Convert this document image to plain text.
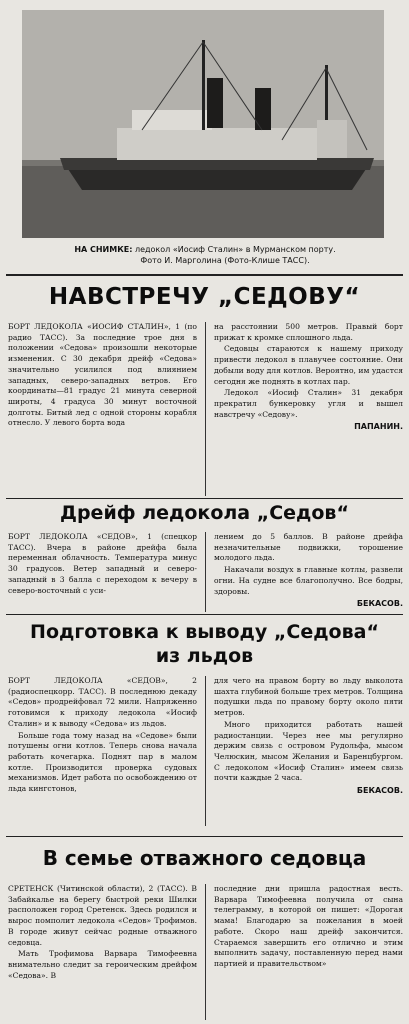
НА СНИМКЕ: ледокол «Иосиф Сталин» в Мурманском порту.
Фото И. Марголина (Фото-Клише ТАСС).
НАВСТРЕЧУ „СЕДОВУ“

БОРТ ЛЕДОКОЛА «ИОСИФ СТАЛИН», 1 (по радио ТАСС). За последние трое дня в положении «Седова» произошли некоторые изменения. С 30 декабря дрейф «Седова» значительно усилился под влиянием западных, северо-западных ветров. Его координаты—81 градус 21 минута северной широты, 4 градуса 30 минут восточной долготы. Битый лед с одной стороны корабля отнесло. У левого борта вода

на расстоянии 500 метров. Правый борт прижат к кромке сплошного льда.

Седовцы стараются к нашему приходу привести ледокол в плавучее состояние. Они добыли воду для котлов. Вероятно, им удастся сегодня же поднять в котлах пар.

Ледокол «Иосиф Сталин» 31 декабря прекратил бункеровку угля и вышел навстречу «Седову».

ПАПАНИН.
Дрейф ледокола „Седов“

БОРТ ЛЕДОКОЛА «СЕДОВ», 1 (спецкор ТАСС). Вчера в районе дрейфа была переменная облачность. Температура минус 30 градусов. Ветер западный и северо-западный в 3 балла с переходом к вечеру в северо-восточный с уси-

лением до 5 баллов. В районе дрейфа незначительные подвижки, торошение молодого льда.

Накачали воздух в главные котлы, развели огни. На судне все благополучно. Все бодры, здоровы.

БЕКАСОВ.
Подготовка к выводу „Седова“
из льдов

БОРТ ЛЕДОКОЛА «СЕДОВ», 2 (радиоспецкорр. ТАСС). В последнюю декаду «Седов» продрейфовал 72 мили. Напряженно готовимся к приходу ледокола «Иосиф Сталин» и к выводу «Седова» из льдов.

Больше года тому назад на «Седове» были потушены огни котлов. Теперь снова начала работать кочегарка. Поднят пар в малом котле. Производится проверка судовых механизмов. Идет работа по освобождению от льда кингстонов,

для чего на правом борту во льду выколота шахта глубиной больше трех метров. Толщина подушки льда по правому борту около пяти метров.

Много приходится работать нашей радиостанции. Через нее мы регулярно держим связь с островом Рудольфа, мысом Челюскин, мысом Желания и Баренцбургом. С ледоколом «Иосиф Сталин» имеем связь почти каждые 2 часа.

БЕКАСОВ.
В семье отважного седовца

СРЕТЕНСК (Читинской области), 2 (ТАСС). В Забайкалье на берегу быстрой реки Шилки расположен город Сретенск. Здесь родился и вырос помполит ледокола «Седов» Трофимов. В городе живут сейчас родные отважного седовца.

Мать Трофимова Варвара Тимофеевна внимательно следит за героическим дрейфом «Седова». В

последние дни пришла радостная весть. Варвара Тимофеевна получила от сына телеграмму, в которой он пишет: «Дорогая мама! Благодарю за пожелания в моей работе. Скоро наш дрейф закончится. Стараемся завершить его отлично и этим выполнить задачу, поставленную перед нами партией и правительством»
